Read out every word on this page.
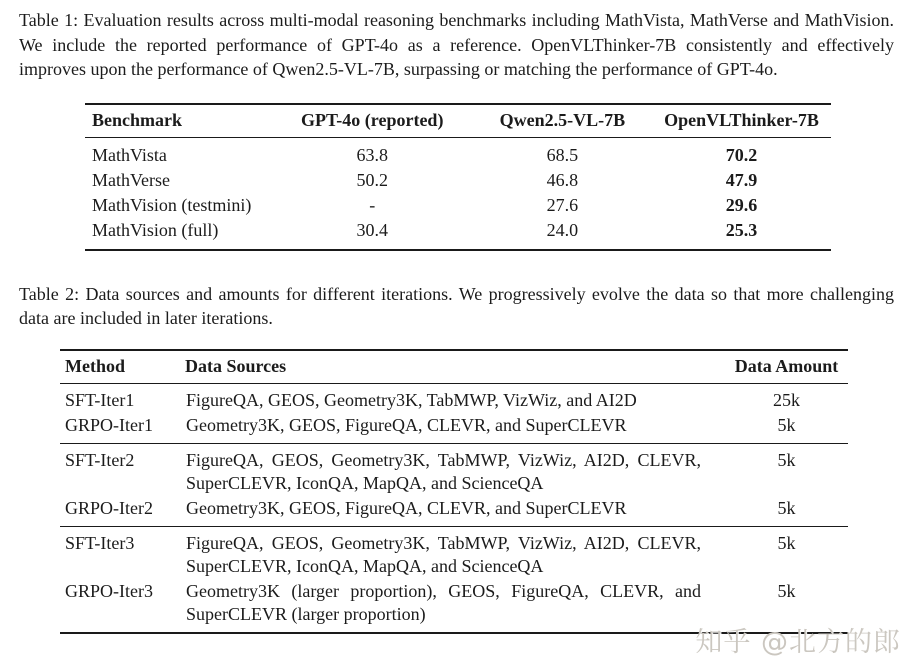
Table 1: Evaluation results across multi-modal reasoning benchmarks including MathVista, MathVerse and MathVision. We include the reported performance of GPT-4o as a reference. OpenVLThinker-7B consistently and effectively improves upon the performance of Qwen2.5-VL-7B, surpassing or matching the performance of GPT-4o.

Benchmark	GPT-4o (reported)	Qwen2.5-VL-7B	OpenVLThinker-7B
MathVista	63.8	68.5	70.2
MathVerse	50.2	46.8	47.9
MathVision (testmini)	-	27.6	29.6
MathVision (full)	30.4	24.0	25.3

Table 2: Data sources and amounts for different iterations. We progressively evolve the data so that more challenging data are included in later iterations.

Method	Data Sources	Data Amount
SFT-Iter1	FigureQA, GEOS, Geometry3K, TabMWP, VizWiz, and AI2D	25k
GRPO-Iter1	Geometry3K, GEOS, FigureQA, CLEVR, and SuperCLEVR	5k
SFT-Iter2	FigureQA, GEOS, Geometry3K, TabMWP, VizWiz, AI2D, CLEVR, SuperCLEVR, IconQA, MapQA, and ScienceQA	5k
GRPO-Iter2	Geometry3K, GEOS, FigureQA, CLEVR, and SuperCLEVR	5k
SFT-Iter3	FigureQA, GEOS, Geometry3K, TabMWP, VizWiz, AI2D, CLEVR, SuperCLEVR, IconQA, MapQA, and ScienceQA	5k
GRPO-Iter3	Geometry3K (larger proportion), GEOS, FigureQA, CLEVR, and SuperCLEVR (larger proportion)	5k
知乎 @北方的郎
